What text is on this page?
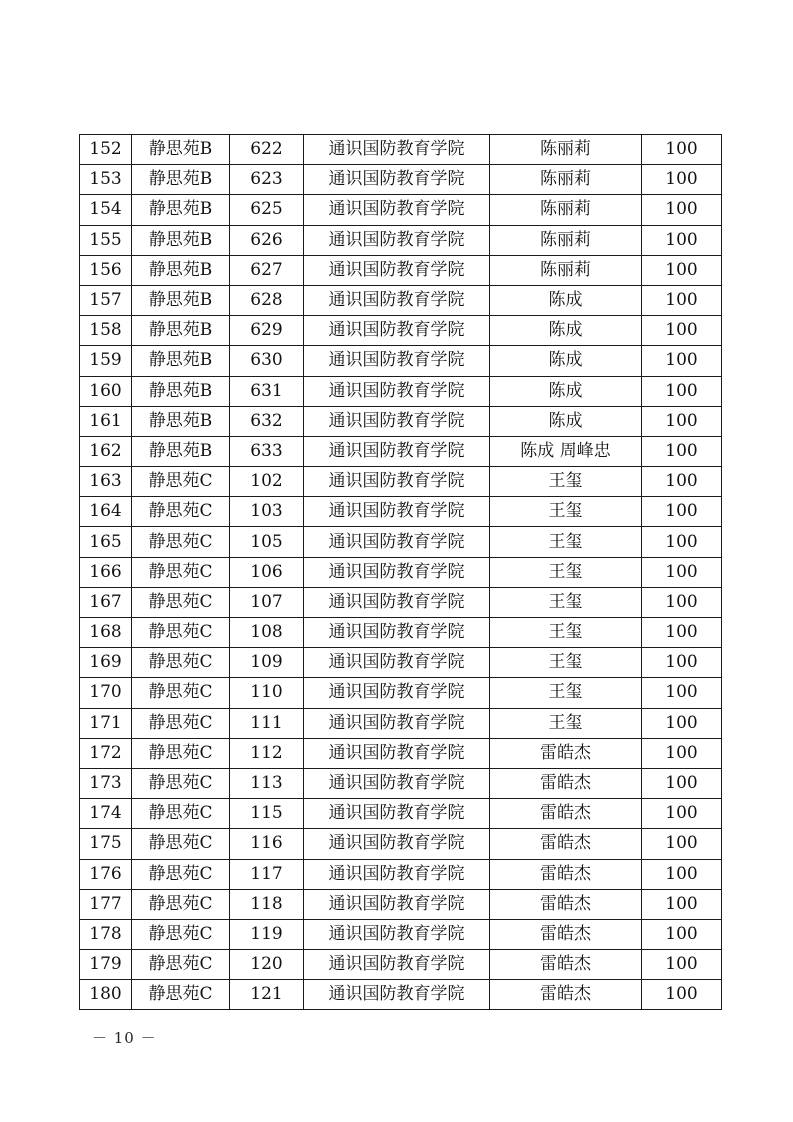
152	静思苑B	622	通识国防教育学院	陈丽莉	100
153	静思苑B	623	通识国防教育学院	陈丽莉	100
154	静思苑B	625	通识国防教育学院	陈丽莉	100
155	静思苑B	626	通识国防教育学院	陈丽莉	100
156	静思苑B	627	通识国防教育学院	陈丽莉	100
157	静思苑B	628	通识国防教育学院	陈成	100
158	静思苑B	629	通识国防教育学院	陈成	100
159	静思苑B	630	通识国防教育学院	陈成	100
160	静思苑B	631	通识国防教育学院	陈成	100
161	静思苑B	632	通识国防教育学院	陈成	100
162	静思苑B	633	通识国防教育学院	陈成 周峰忠	100
163	静思苑C	102	通识国防教育学院	王玺	100
164	静思苑C	103	通识国防教育学院	王玺	100
165	静思苑C	105	通识国防教育学院	王玺	100
166	静思苑C	106	通识国防教育学院	王玺	100
167	静思苑C	107	通识国防教育学院	王玺	100
168	静思苑C	108	通识国防教育学院	王玺	100
169	静思苑C	109	通识国防教育学院	王玺	100
170	静思苑C	110	通识国防教育学院	王玺	100
171	静思苑C	111	通识国防教育学院	王玺	100
172	静思苑C	112	通识国防教育学院	雷皓杰	100
173	静思苑C	113	通识国防教育学院	雷皓杰	100
174	静思苑C	115	通识国防教育学院	雷皓杰	100
175	静思苑C	116	通识国防教育学院	雷皓杰	100
176	静思苑C	117	通识国防教育学院	雷皓杰	100
177	静思苑C	118	通识国防教育学院	雷皓杰	100
178	静思苑C	119	通识国防教育学院	雷皓杰	100
179	静思苑C	120	通识国防教育学院	雷皓杰	100
180	静思苑C	121	通识国防教育学院	雷皓杰	100
－ 10 －
